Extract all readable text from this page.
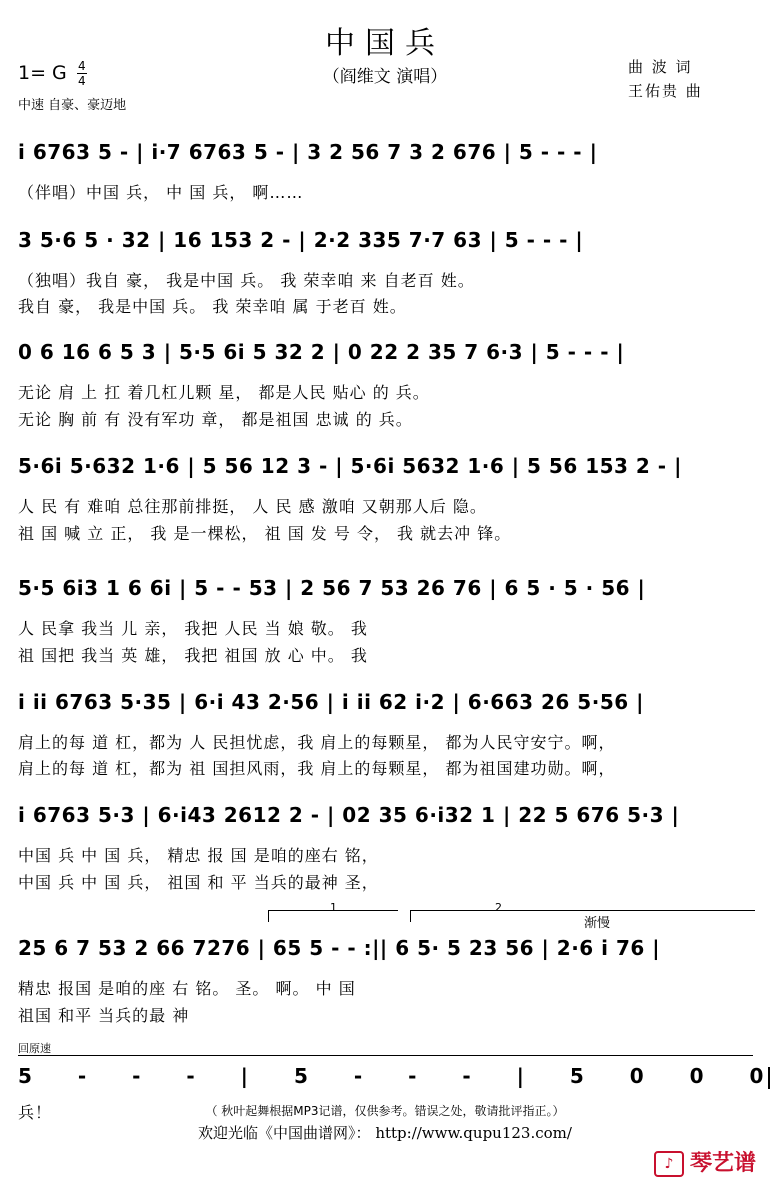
中国兵
（阎维文 演唱）
1= G $\frac{4}{4}$
中速 自豪、豪迈地
曲 波 词
王佑贵 曲
i 6763 5 - | i·7 6763 5 - | 3 2 56 7 3 2 676 | 5 - - - |
（伴唱）中国 兵， 中 国 兵， 啊……
3 5·6 5 · 32 | 16 153 2 - | 2·2 335 7·7 63 | 5 - - - |
（独唱）我自 豪， 我是中国 兵。 我 荣幸咱 来 自老百 姓。
我自 豪， 我是中国 兵。 我 荣幸咱 属 于老百 姓。
0 6 16 6 5 3 | 5·5 6i 5 32 2 | 0 22 2 35 7 6·3 | 5 - - - |
无论 肩 上 扛 着几杠儿颗 星， 都是人民 贴心 的 兵。
无论 胸 前 有 没有军功 章， 都是祖国 忠诚 的 兵。
5·6i 5·632 1·6 | 5 56 12 3 - | 5·6i 5632 1·6 | 5 56 153 2 - |
人 民 有 难咱 总往那前排挺， 人 民 感 激咱 又朝那人后 隐。
祖 国 喊 立 正， 我 是一棵松， 祖 国 发 号 令， 我 就去冲 锋。
5·5 6i3 1 6 6i | 5 - - 53 | 2 56 7 53 26 76 | 6 5 · 5 · 56 |
人 民拿 我当 儿 亲， 我把 人民 当 娘 敬。 我
祖 国把 我当 英 雄， 我把 祖国 放 心 中。 我
i ii 6763 5·35 | 6·i 43 2·56 | i ii 62 i·2 | 6·663 26 5·56 |
肩上的每 道 杠，都为 人 民担忧虑，我 肩上的每颗星， 都为人民守安宁。啊，
肩上的每 道 杠，都为 祖 国担风雨，我 肩上的每颗星， 都为祖国建功勋。啊，
i 6763 5·3 | 6·i43 2612 2 - | 02 35 6·i32 1 | 22 5 676 5·3 |
中国 兵 中 国 兵， 精忠 报 国 是咱的座右 铭，
中国 兵 中 国 兵， 祖国 和 平 当兵的最神 圣，
1	2
渐慢
25 6 7 53 2 66 7276 | 65 5 - - :|| 6 5· 5 23 56 | 2·6 i 76 |
精忠 报国 是咱的座 右 铭。 圣。 啊。 中 国
祖国 和平 当兵的最 神
回原速
5 - - - | 5 - - - | 5 0 0 0
兵！	（ 秋叶起舞根据MP3记谱，仅供参考。错误之处，敬请批评指正。）
欢迎光临《中国曲谱网》： http://www.qupu123.com/
♪ 琴艺谱
